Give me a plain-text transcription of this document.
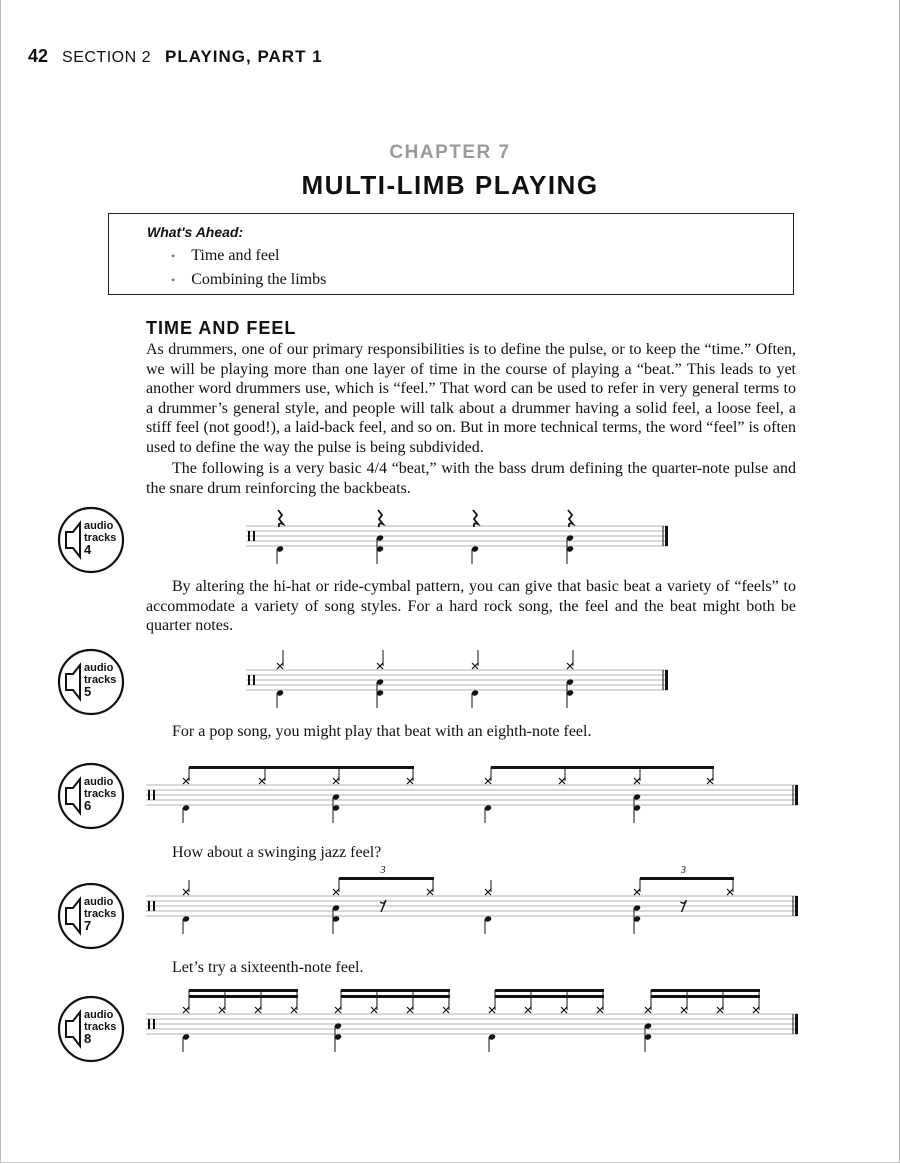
42 SECTION 2 PLAYING, PART 1
CHAPTER 7
MULTI-LIMB PLAYING
What's Ahead:
• Time and feel
• Combining the limbs
TIME AND FEEL

As drummers, one of our primary responsibilities is to define the pulse, or to keep the “time.” Often, we will be playing more than one layer of time in the course of playing a “beat.” This leads to yet another word drummers use, which is “feel.” That word can be used to refer in very general terms to a drummer’s general style, and people will talk about a drummer having a solid feel, a loose feel, a stiff feel (not good!), a laid-back feel, and so on. But in more technical terms, the word “feel” is often used to define the way the pulse is being subdivided.

The following is a very basic 4/4 “beat,” with the bass drum defining the quarter-note pulse and the snare drum reinforcing the backbeats.

By altering the hi-hat or ride-cymbal pattern, you can give that basic beat a variety of “feels” to accommodate a variety of song styles. For a hard rock song, the feel and the beat might both be quarter notes.

For a pop song, you might play that beat with an eighth-note feel.

How about a swinging jazz feel?

Let’s try a sixteenth-note feel.

audio
tracks
4
audio
tracks
5
audio
tracks
6
audio
tracks
7
audio
tracks
8
3	3
